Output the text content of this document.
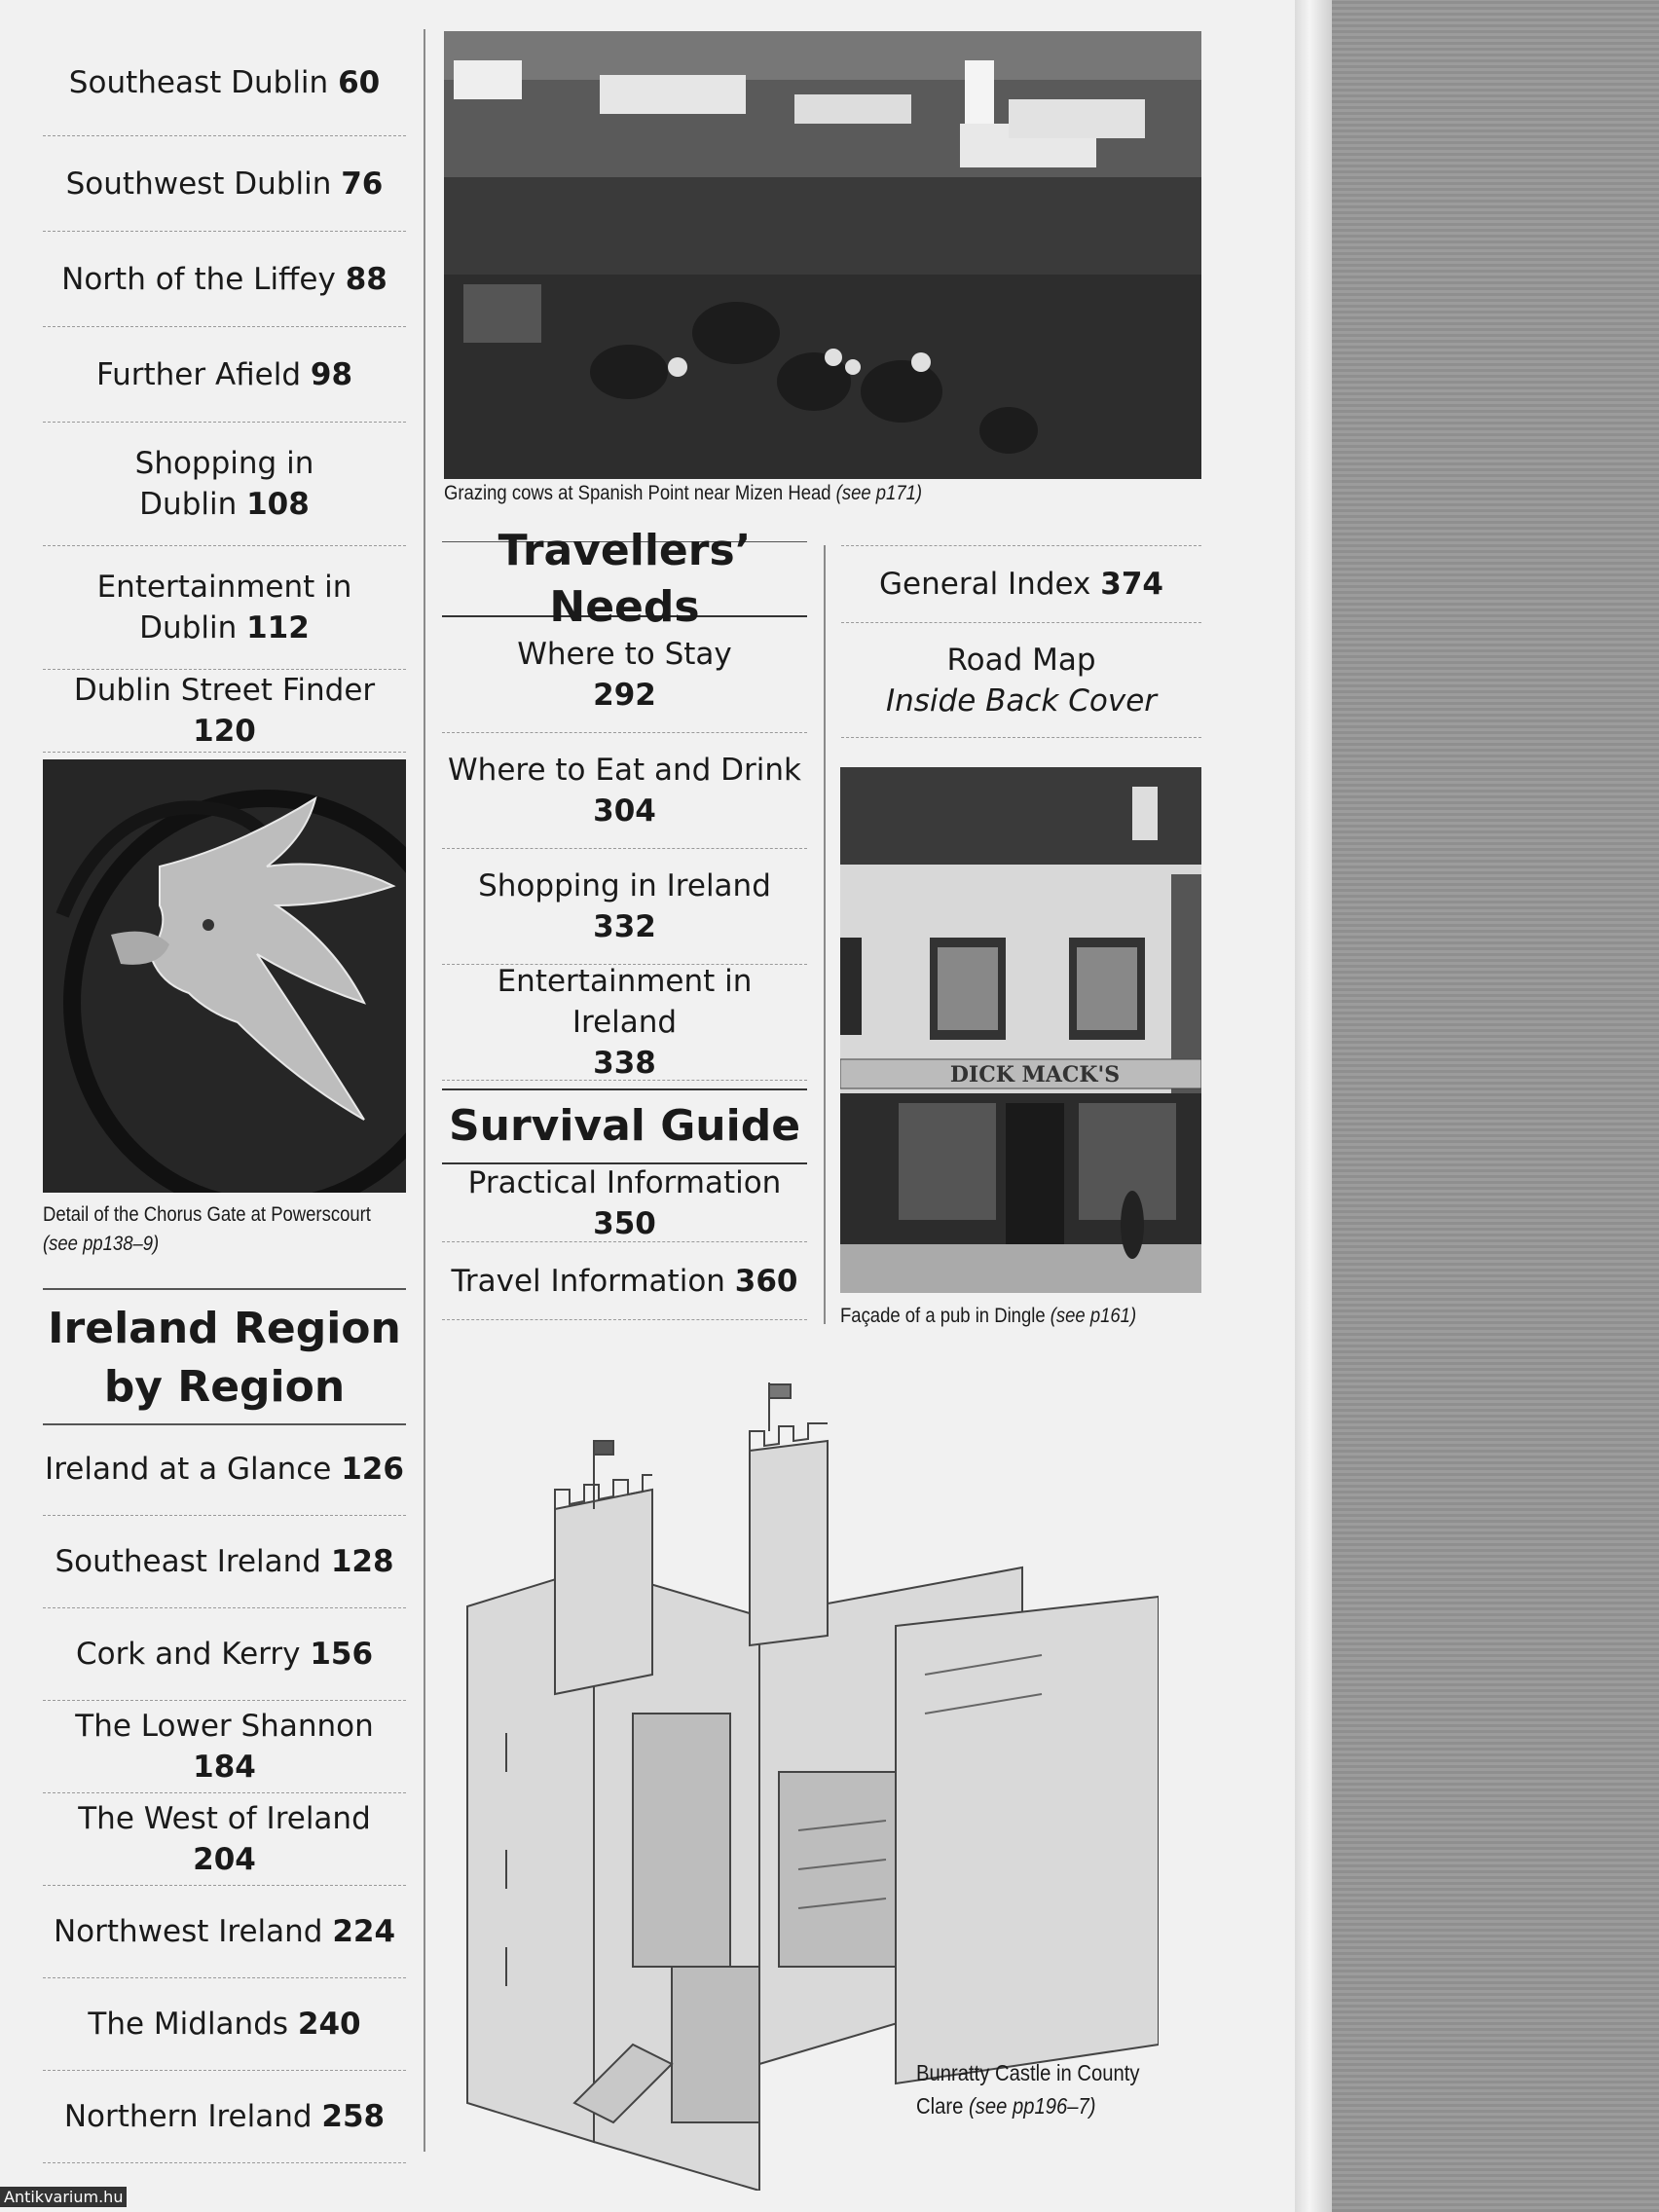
Detail of the Chorus Gate at Powerscourt
(see pp138–9)
Ireland Region
by Region
Grazing cows at Spanish Point near Mizen Head (see p171)
Travellers’ Needs
Survival Guide
General Index 374
Road Map
Inside Back Cover
DICK MACK'S
Façade of a pub in Dingle (see p161)
Bunratty Castle in County
Clare (see pp196–7)
Antikvarium.hu
Southeast Dublin 60
Southwest Dublin 76
North of the Liffey 88
Further Afield 98
Shopping in
Dublin 108
Entertainment in
Dublin 112
Dublin Street Finder 120
Ireland at a Glance 126
Southeast Ireland 128
Cork and Kerry 156
The Lower Shannon 184
The West of Ireland 204
Northwest Ireland 224
The Midlands 240
Northern Ireland 258
Where to Stay
292
Where to Eat and Drink
304
Shopping in Ireland
332
Entertainment in Ireland
338
Practical Information 350
Travel Information 360
